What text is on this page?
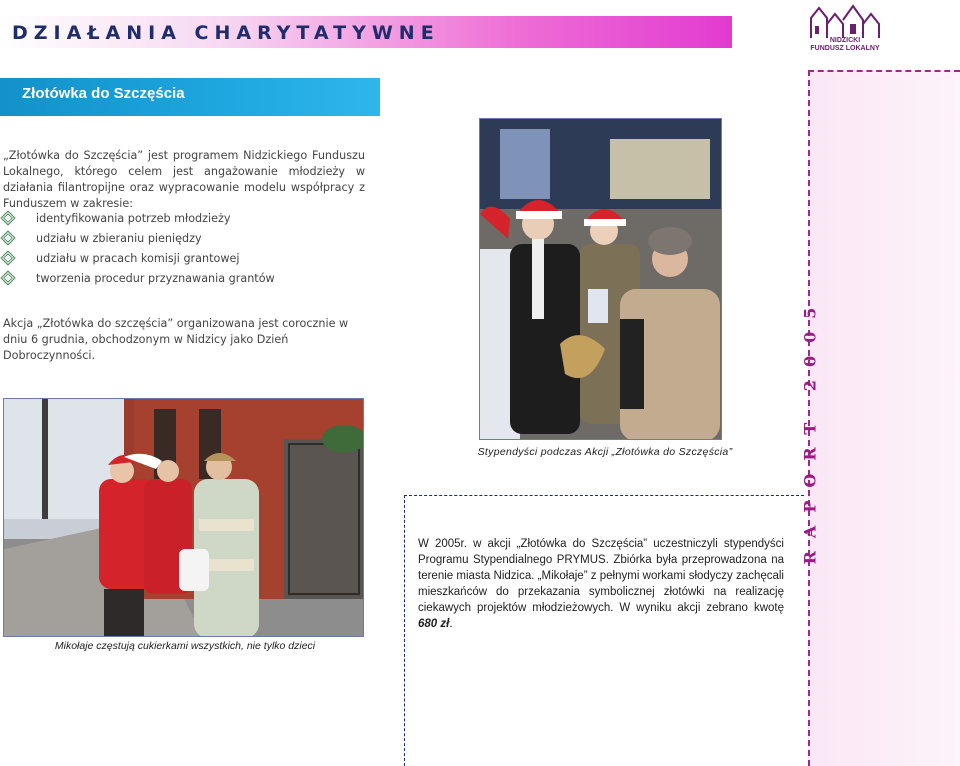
DZIAŁANIA CHARYTATYWNE	NIDZICKI
FUNDUSZ LOKALNY
Złotówka do Szczęścia
„Złotówka do Szczęścia” jest programem Nidzickiego Funduszu Lokalnego, którego celem jest angażowanie młodzieży w działania filantropijne oraz wypracowanie modelu współpracy z Funduszem w zakresie:
identyfikowania potrzeb młodzieży
udziału w zbieraniu pieniędzy
udziału w pracach komisji grantowej
tworzenia procedur przyznawania grantów
Akcja „Złotówka do szczęścia” organizowana jest corocznie w dniu 6 grudnia, obchodzonym w Nidzicy jako Dzień Dobroczynności.
Mikołaje częstują cukierkami wszystkich, nie tylko dzieci
Stypendyści podczas Akcji „Złotówka do Szczęścia”
W 2005r. w akcji „Złotówka do Szczęścia” uczestniczyli stypendyści Programu Stypendialnego PRYMUS. Zbiórka była przeprowadzona na terenie miasta Nidzica. „Mikołaje” z pełnymi workami słodyczy zachęcali mieszkańców do przekazania symbolicznej złotówki na realizację ciekawych projektów młodzieżowych. W wyniku akcji zebrano kwotę 680 zł.
RAPORT 2005
